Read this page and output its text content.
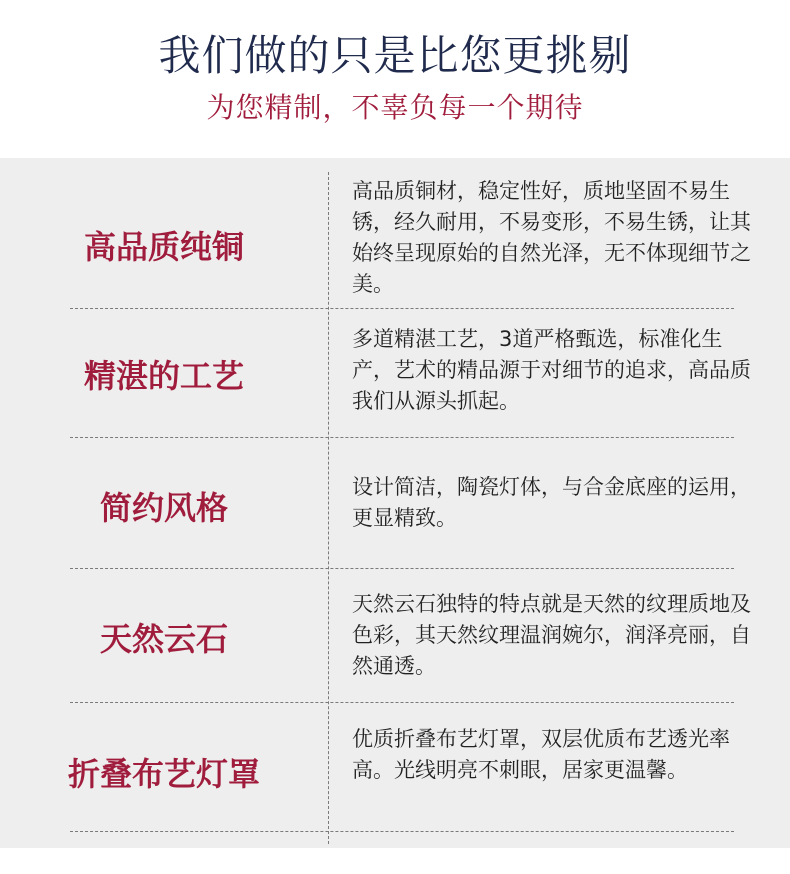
我们做的只是比您更挑剔
为您精制，不辜负每一个期待
高品质纯铜
高品质铜材，稳定性好，质地坚固不易生锈，经久耐用，不易变形，不易生锈，让其始终呈现原始的自然光泽，无不体现细节之美。
精湛的工艺
多道精湛工艺，3道严格甄选，标准化生产，艺术的精品源于对细节的追求，高品质我们从源头抓起。
简约风格
设计简洁，陶瓷灯体，与合金底座的运用，更显精致。
天然云石
天然云石独特的特点就是天然的纹理质地及色彩，其天然纹理温润婉尔，润泽亮丽，自然通透。
折叠布艺灯罩
优质折叠布艺灯罩，双层优质布艺透光率高。光线明亮不刺眼，居家更温馨。
